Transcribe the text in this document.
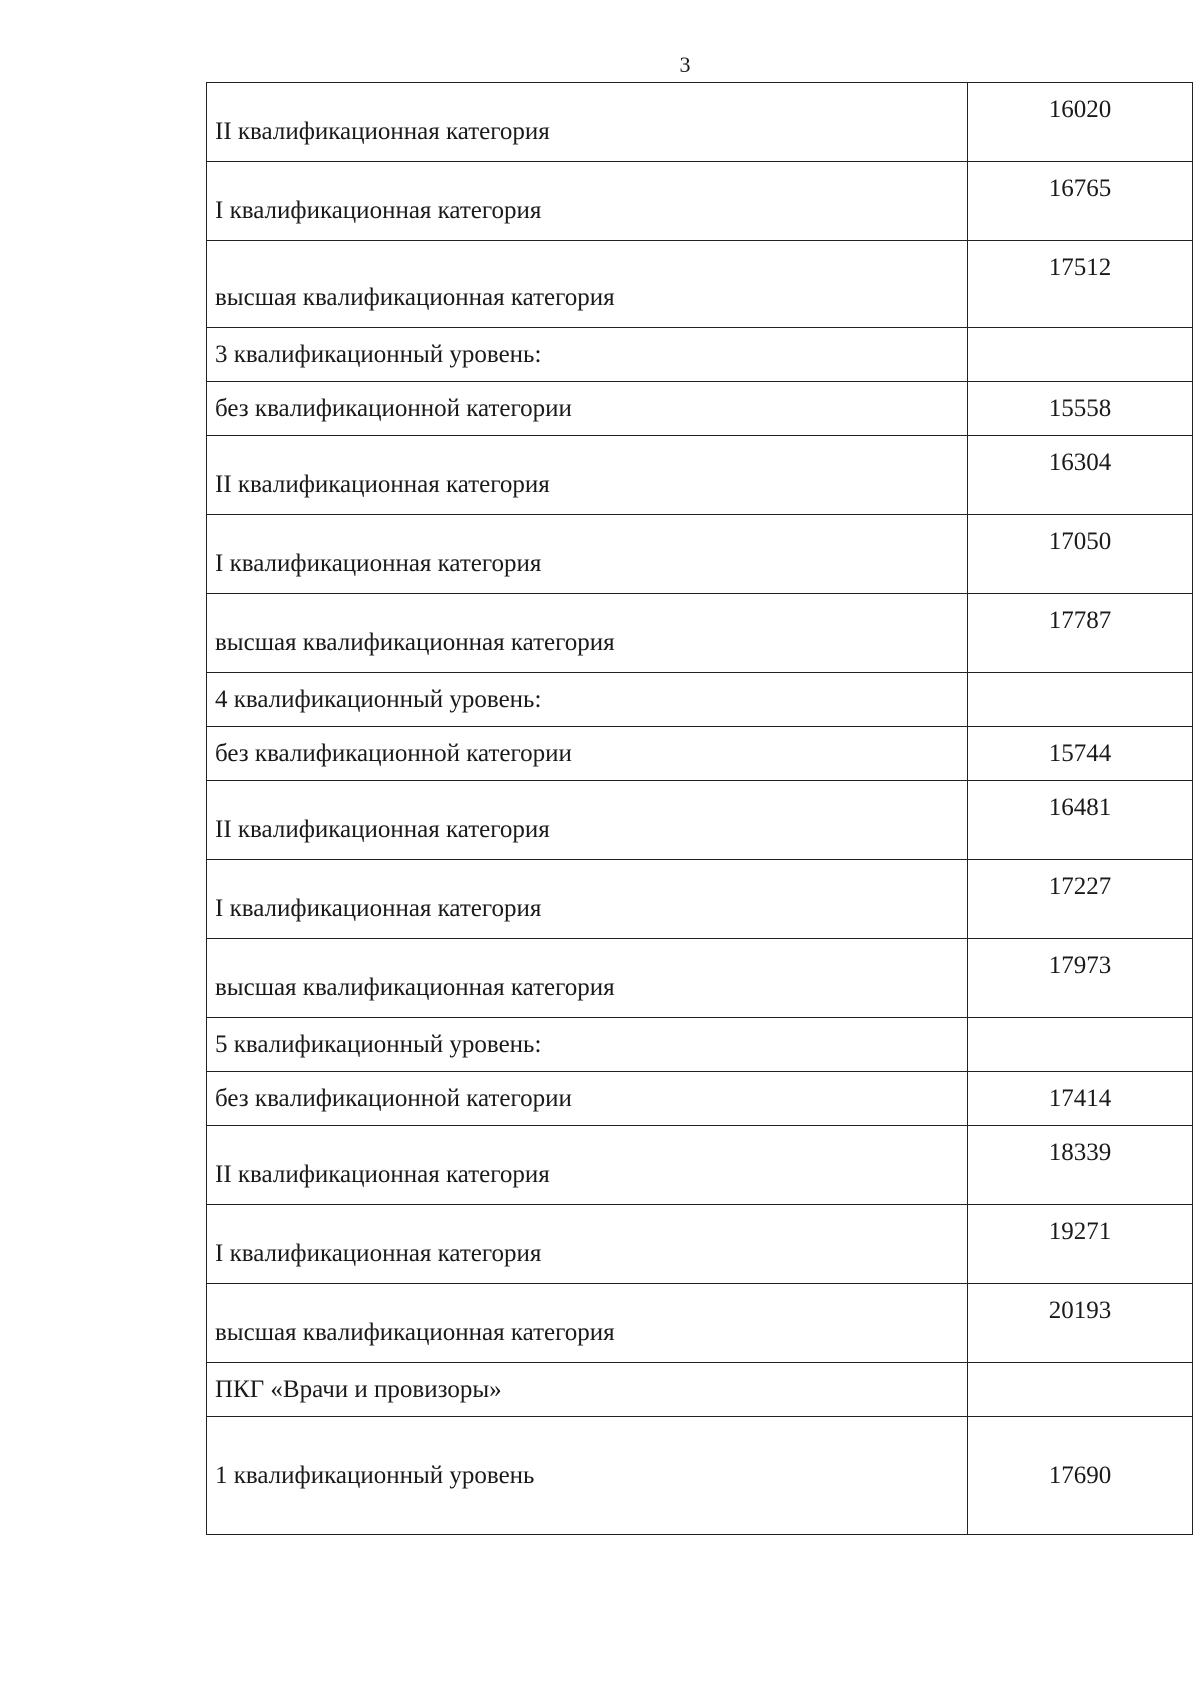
3
II квалификационная категория	16020
I квалификационная категория	16765
высшая квалификационная категория	17512
3 квалификационный уровень:	
без квалификационной категории	15558
II квалификационная категория	16304
I квалификационная категория	17050
высшая квалификационная категория	17787
4 квалификационный уровень:	
без квалификационной категории	15744
II квалификационная категория	16481
I квалификационная категория	17227
высшая квалификационная категория	17973
5 квалификационный уровень:	
без квалификационной категории	17414
II квалификационная категория	18339
I квалификационная категория	19271
высшая квалификационная категория	20193
ПКГ «Врачи и провизоры»	
1 квалификационный уровень	17690
